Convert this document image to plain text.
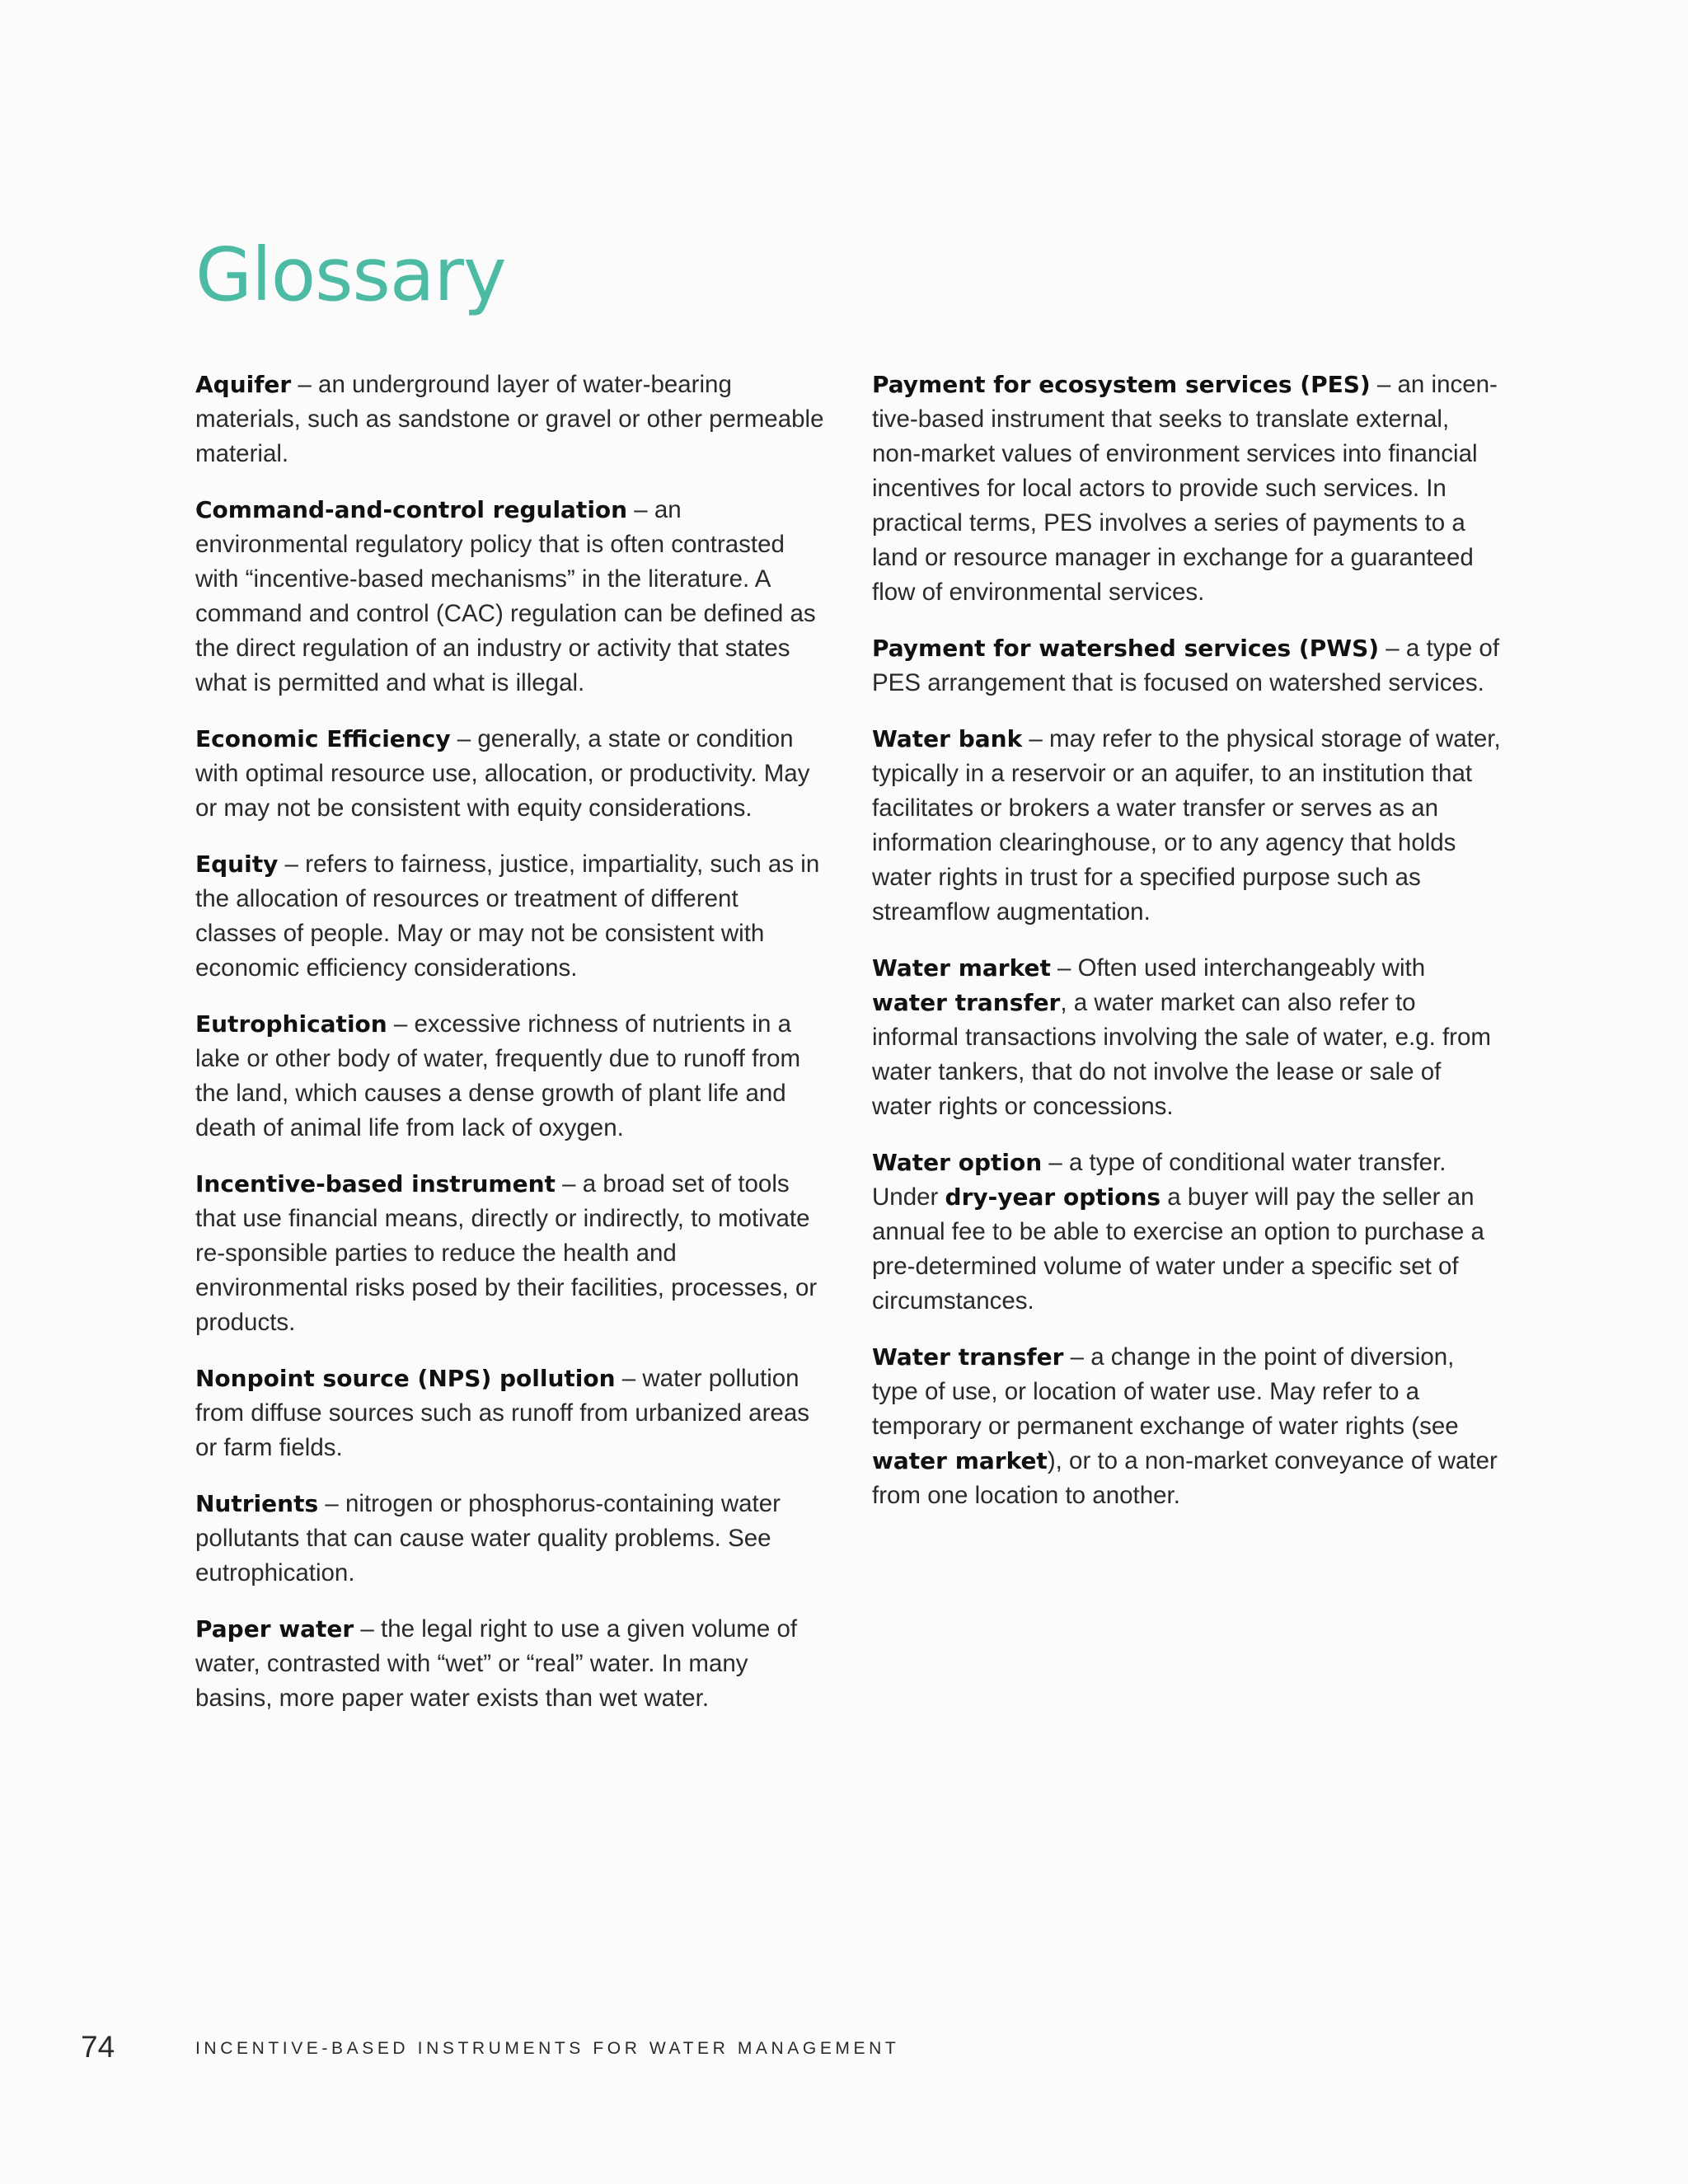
Glossary

Aquifer – an underground layer of water-bearing materials, such as sandstone or gravel or other permeable material.

Command-and-control regulation – an environmental regulatory policy that is often contrasted with “incentive-based mechanisms” in the literature. A command and control (CAC) regulation can be defined as the direct regulation of an industry or activity that states what is permitted and what is illegal.

Economic Efficiency – generally, a state or condition with optimal resource use, allocation, or productivity. May or may not be consistent with equity considerations.

Equity – refers to fairness, justice, impartiality, such as in the allocation of resources or treatment of different classes of people. May or may not be consistent with economic efficiency considerations.

Eutrophication – excessive richness of nutrients in a lake or other body of water, frequently due to runoff from the land, which causes a dense growth of plant life and death of animal life from lack of oxygen.

Incentive-based instrument – a broad set of tools that use financial means, directly or indirectly, to motivate re-sponsible parties to reduce the health and environmental risks posed by their facilities, processes, or products.

Nonpoint source (NPS) pollution – water pollution from diffuse sources such as runoff from urbanized areas or farm fields.

Nutrients – nitrogen or phosphorus-containing water pollutants that can cause water quality problems. See eutrophication.

Paper water – the legal right to use a given volume of water, contrasted with “wet” or “real” water. In many basins, more paper water exists than wet water.

Payment for ecosystem services (PES) – an incen-tive-based instrument that seeks to translate external, non-market values of environment services into financial incentives for local actors to provide such services. In practical terms, PES involves a series of payments to a land or resource manager in exchange for a guaranteed flow of environmental services.

Payment for watershed services (PWS) – a type of PES arrangement that is focused on watershed services.

Water bank – may refer to the physical storage of water, typically in a reservoir or an aquifer, to an institution that facilitates or brokers a water transfer or serves as an information clearinghouse, or to any agency that holds water rights in trust for a specified purpose such as streamflow augmentation.

Water market – Often used interchangeably with water transfer, a water market can also refer to informal transactions involving the sale of water, e.g. from water tankers, that do not involve the lease or sale of water rights or concessions.

Water option – a type of conditional water transfer. Under dry-year options a buyer will pay the seller an annual fee to be able to exercise an option to purchase a pre-determined volume of water under a specific set of circumstances.

Water transfer – a change in the point of diversion, type of use, or location of water use. May refer to a temporary or permanent exchange of water rights (see water market), or to a non-market conveyance of water from one location to another.

74	INCENTIVE-BASED INSTRUMENTS FOR WATER MANAGEMENT
